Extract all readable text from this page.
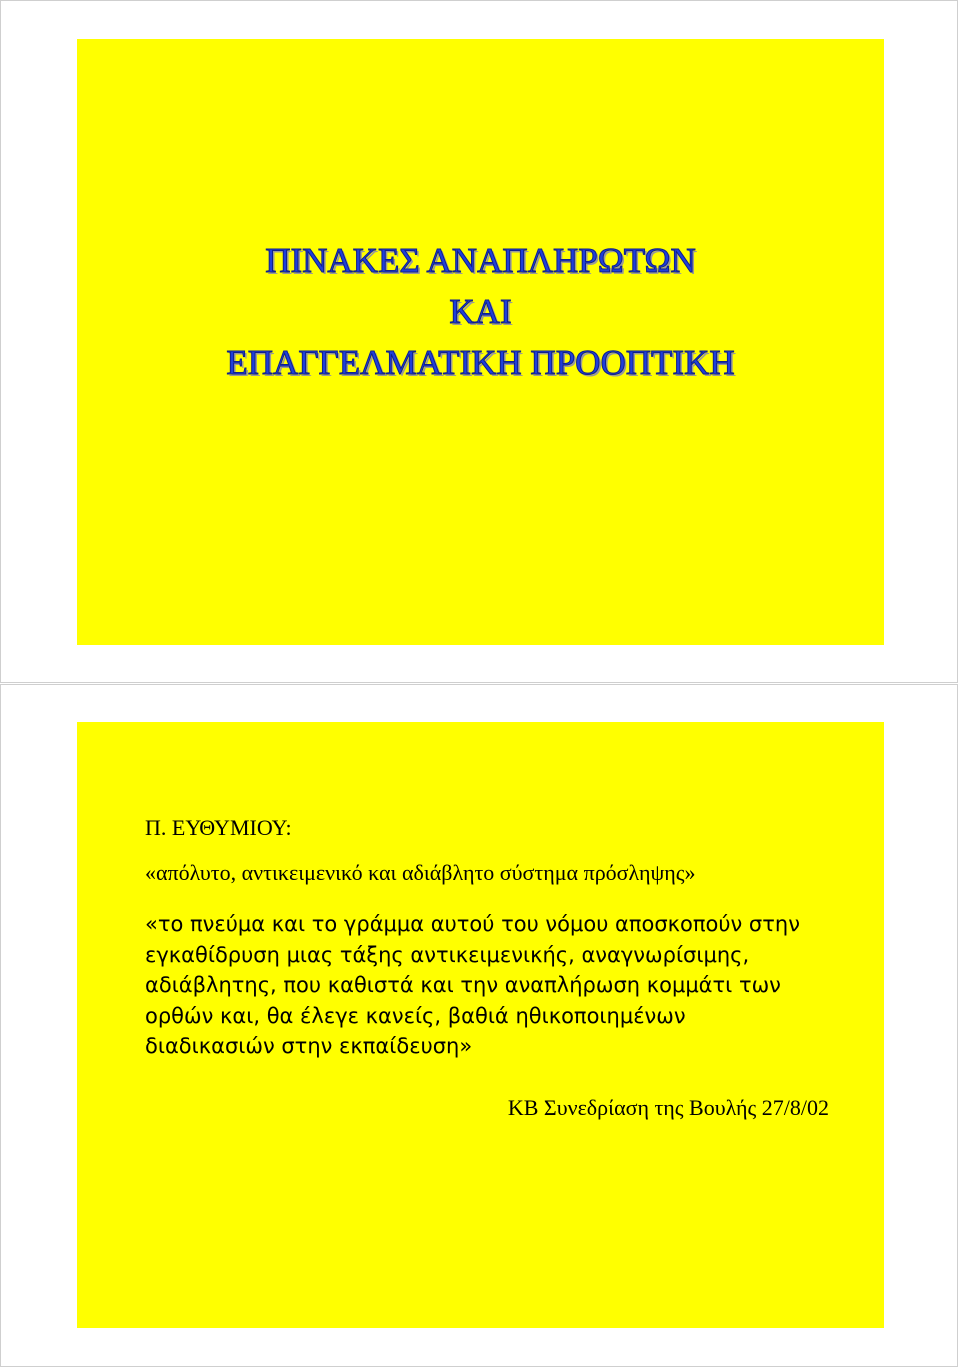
ΠΙΝΑΚΕΣ ΑΝΑΠΛΗΡΩΤΩΝ
ΚΑΙ
ΕΠΑΓΓΕΛΜΑΤΙΚΗ ΠΡΟΟΠΤΙΚΗ
Π. ΕΥΘΥΜΙΟΥ:
«απόλυτο, αντικειμενικό και αδιάβλητο σύστημα πρόσληψης»
«το πνεύμα και το γράμμα αυτού του νόμου αποσκοπούν στην
εγκαθίδρυση μιας τάξης αντικειμενικής, αναγνωρίσιμης,
αδιάβλητης, που καθιστά και την αναπλήρωση κομμάτι των
ορθών και, θα έλεγε κανείς, βαθιά ηθικοποιημένων
διαδικασιών στην εκπαίδευση»
ΚΒ Συνεδρίαση της Βουλής 27/8/02
